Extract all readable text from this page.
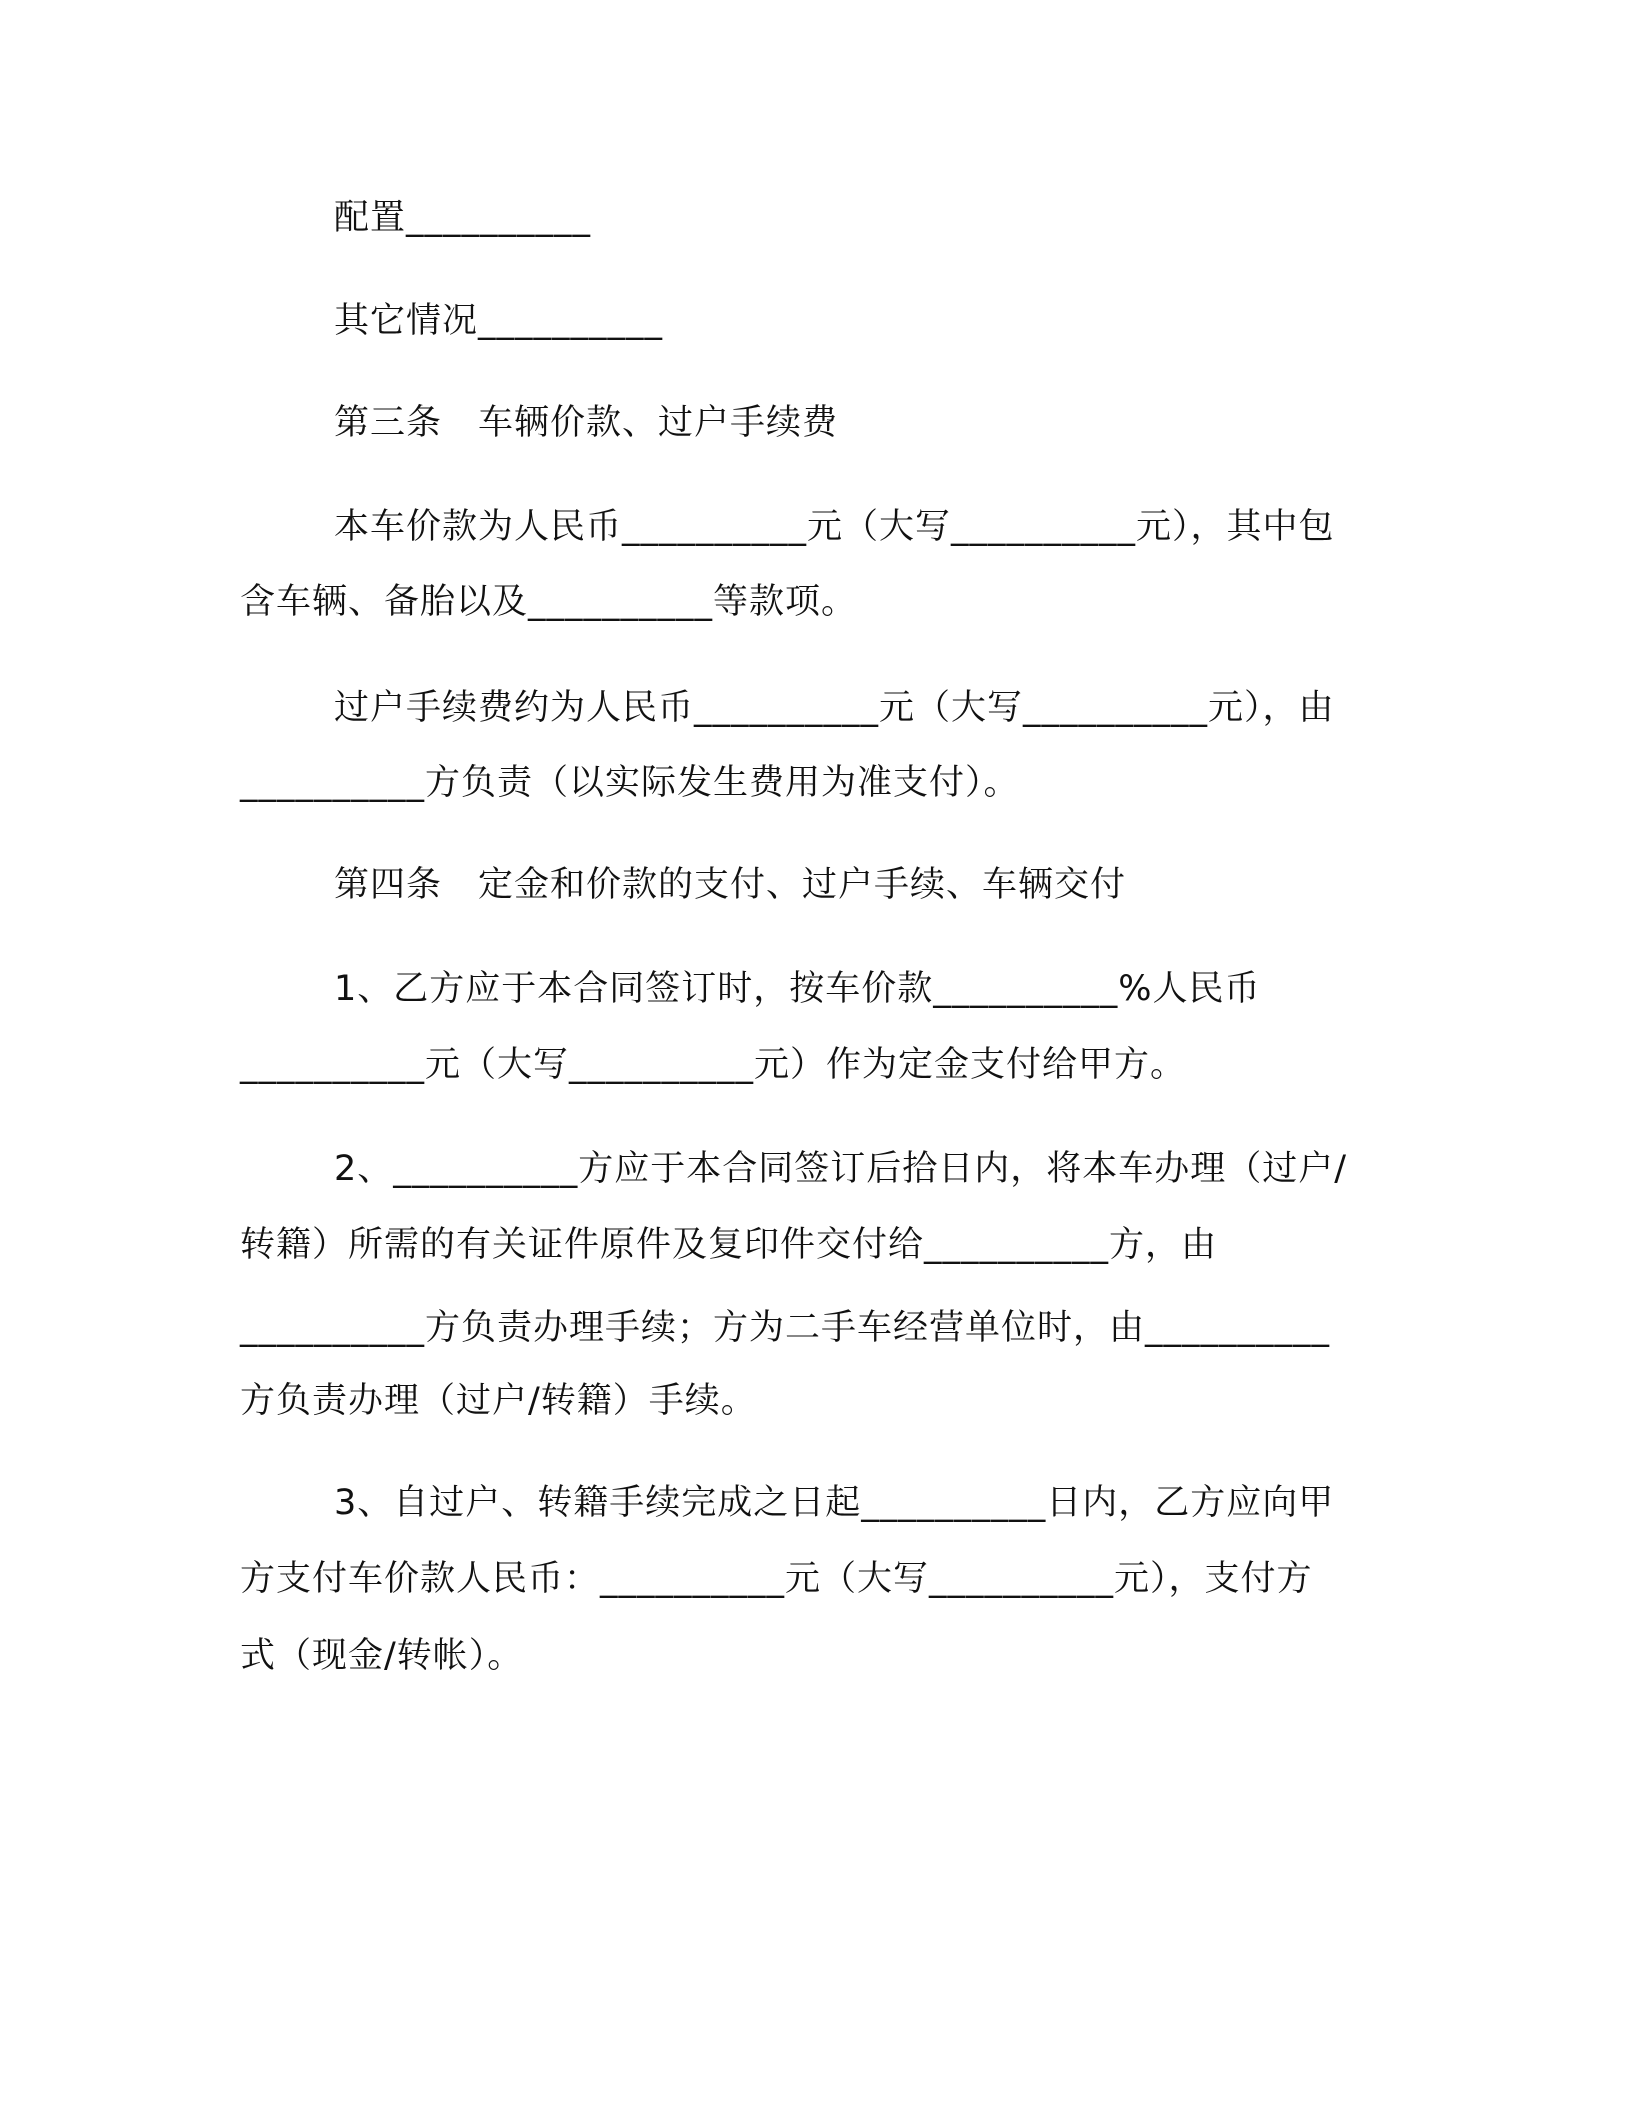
配置__________
其它情况__________
第三条　车辆价款、过户手续费
本车价款为人民币__________元（大写__________元），其中包
含车辆、备胎以及__________等款项。
过户手续费约为人民币__________元（大写__________元），由
__________方负责（以实际发生费用为准支付）。
第四条　定金和价款的支付、过户手续、车辆交付
1、乙方应于本合同签订时，按车价款__________%人民币
__________元（大写__________元）作为定金支付给甲方。
2、__________方应于本合同签订后拾日内，将本车办理（过户/
转籍）所需的有关证件原件及复印件交付给__________方，由
__________方负责办理手续；方为二手车经营单位时，由__________
方负责办理（过户/转籍）手续。
3、自过户、转籍手续完成之日起__________日内，乙方应向甲
方支付车价款人民币：__________元（大写__________元），支付方
式（现金/转帐）。
